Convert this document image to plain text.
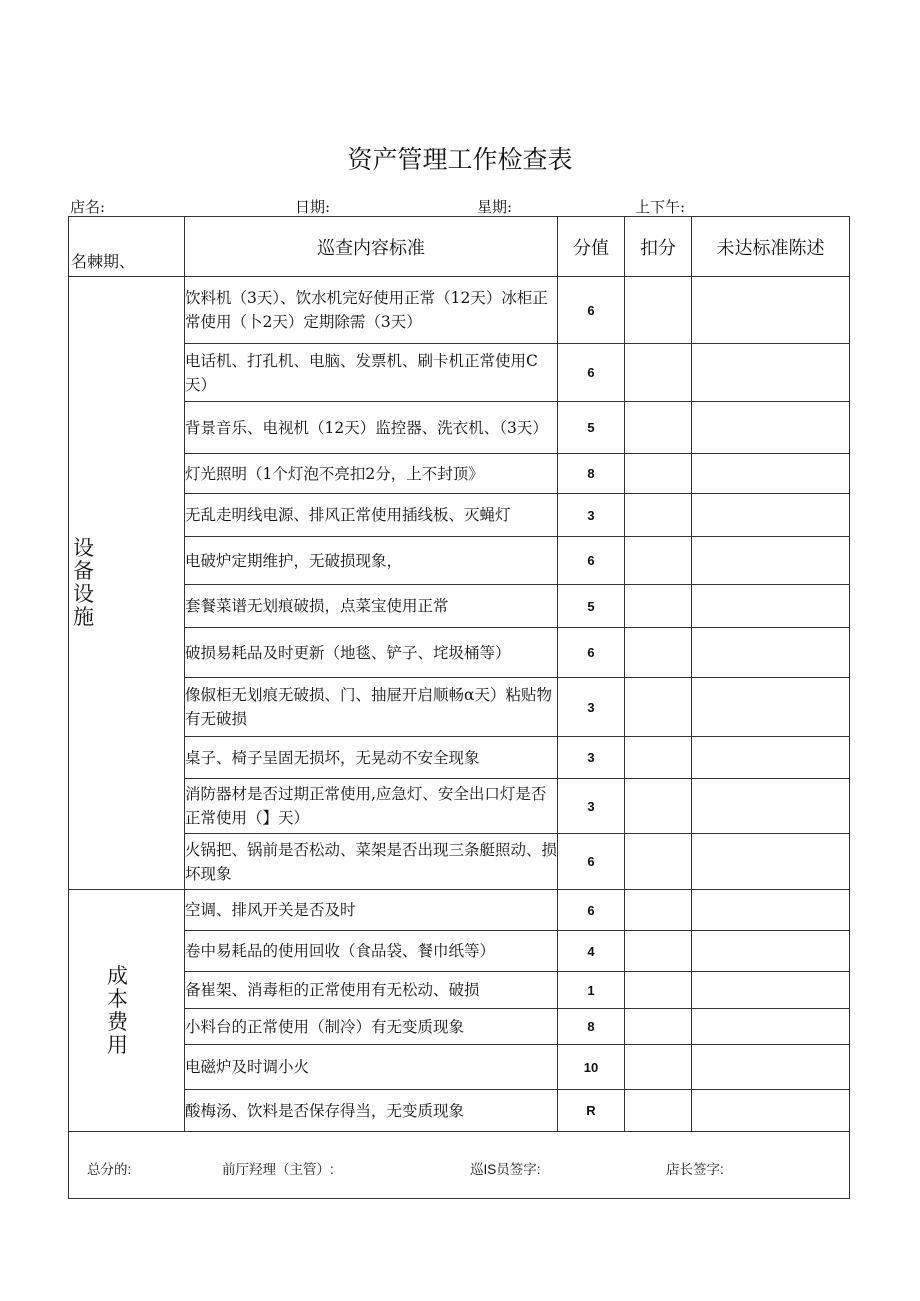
资产管理工作检查表
店名:	日期:	星期:	上下午:
名棘期、	巡查内容标准	分值	扣分	未达标准陈述

设备设施	饮料机（3天）、饮水机完好使用正常（12天）冰柜正常使用（卜2天）定期除需（3天）	6		
	电话机、打孔机、电脑、发票机、刷卡机正常使用C天）	6		
	背景音乐、电视机（12天）监控器、洗衣机、（3天）	5		
	灯光照明（1个灯泡不亮扣2分，上不封顶》	8		
	无乱走明线电源、排风正常使用插线板、灭蝇灯	3		
	电破炉定期维护，无破损现象，	6		
	套餐菜谱无划痕破损，点菜宝使用正常	5		
	破损易耗品及时更新（地毯、铲子、垞圾桶等）	6		
	像俶柜无划痕无破损、门、抽屉开启顺畅α天）粘贴物有无破损	3		
	桌子、椅子呈固无损坏，无晃动不安全现象	3		
	消防器材是否过期正常使用,应急灯、安全出口灯是否正常使用（】天）	3		
	火锅把、锅前是否松动、菜架是否出现三条艇照动、损坏现象	6		

成本费用	空调、排风开关是否及时	6		
	卷中易耗品的使用回收（食品袋、餐巾纸等）	4		
	备崔架、消毒柜的正常使用有无松动、破损	1		
	小料台的正常使用（制冷）有无变质现象	8		
	电磁炉及时调小火	10		
	酸梅汤、饮料是否保存得当，无变质现象	R		

总分的: 前厅羟理（主管）: 巡IS员签字: 店长签字:				
